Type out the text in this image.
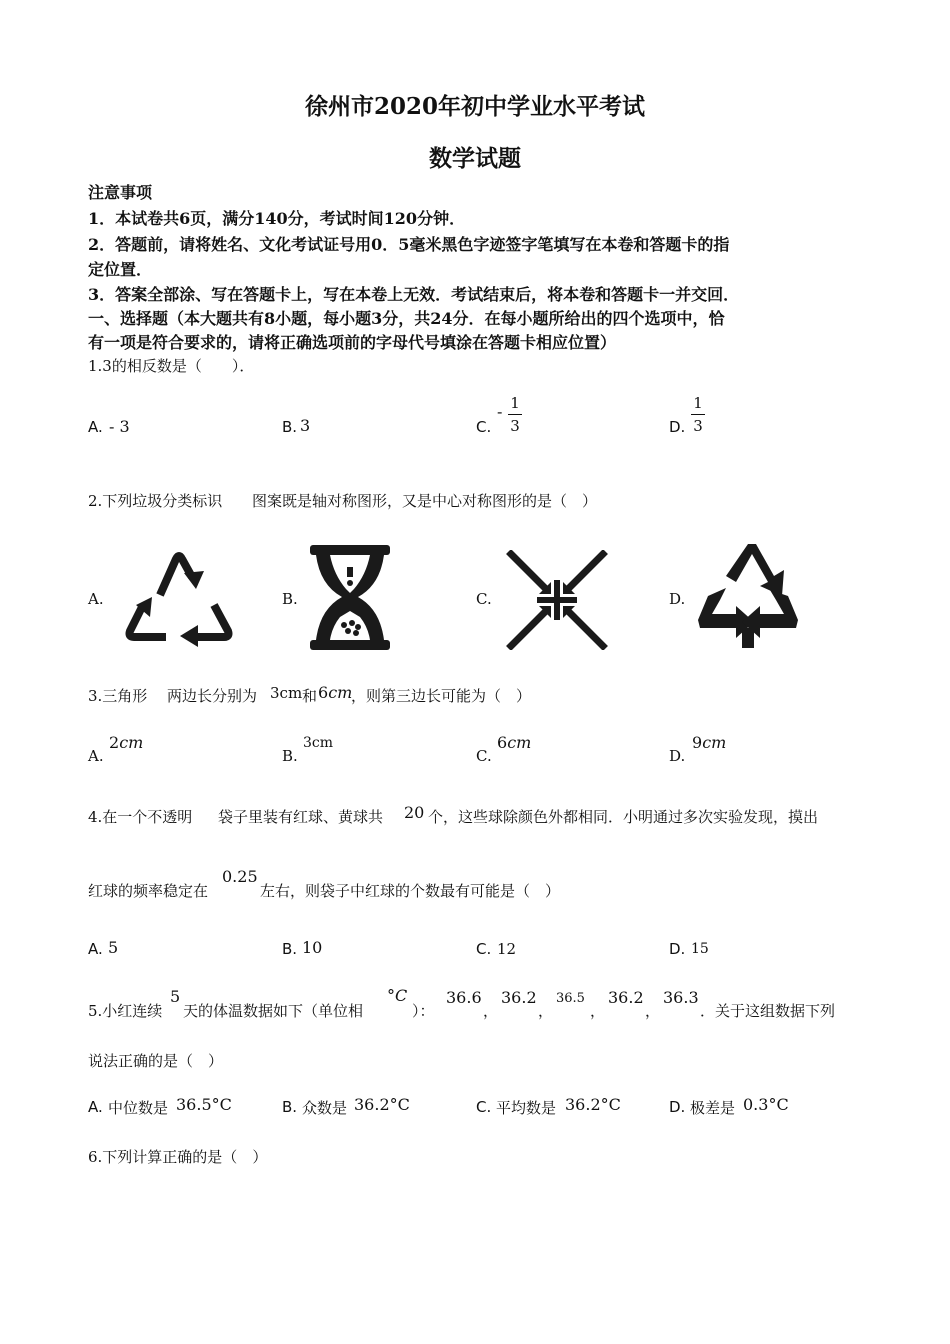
徐州市2020年初中学业水平考试
数学试题
注意事项
1．本试卷共6页，满分140分，考试时间120分钟．
2．答题前，请将姓名、文化考试证号用0．5毫米黑色字迹签字笔填写在本卷和答题卡的指
定位置．
3．答案全部涂、写在答题卡上，写在本卷上无效．考试结束后，将本卷和答题卡一并交回．
一、选择题（本大题共有8小题，每小题3分，共24分．在每小题所给出的四个选项中，恰
有一项是符合要求的，请将正确选项前的字母代号填涂在答题卡相应位置）
1.3的相反数是（　　）．
A. - 3	B. 3	C.
- 1
3	D.
1
3
2.下列垃圾分类标识 图案既是轴对称图形，又是中心对称图形的是（　）
A.	B.	C.	D.
3.三角形 两边长分别为 3cm 和 6cm
，则第三边长可能为（　）
A.
2cm
B.
3cm
C.
6cm
D.
9cm
4.在一个不透明 袋子里装有红球、黄球共 20 个，这些球除颜色外都相同．小明通过多次实验发现，摸出
红球的频率稳定在
0.25
左右，则袋子中红球的个数最有可能是（　）
A. 5	B. 10	C. 12	D. 15
5.小红连续
5
天的体温数据如下（单位相
°C
）：
36.6
，
36.2
，
36.5
，
36.2
，
36.3
．关于这组数据下列
说法正确的是（　）
A. 中位数是 36.5°C	B. 众数是 36.2°C	C. 平均数是 36.2°C	D. 极差是 0.3°C
6.下列计算正确的是（　）
